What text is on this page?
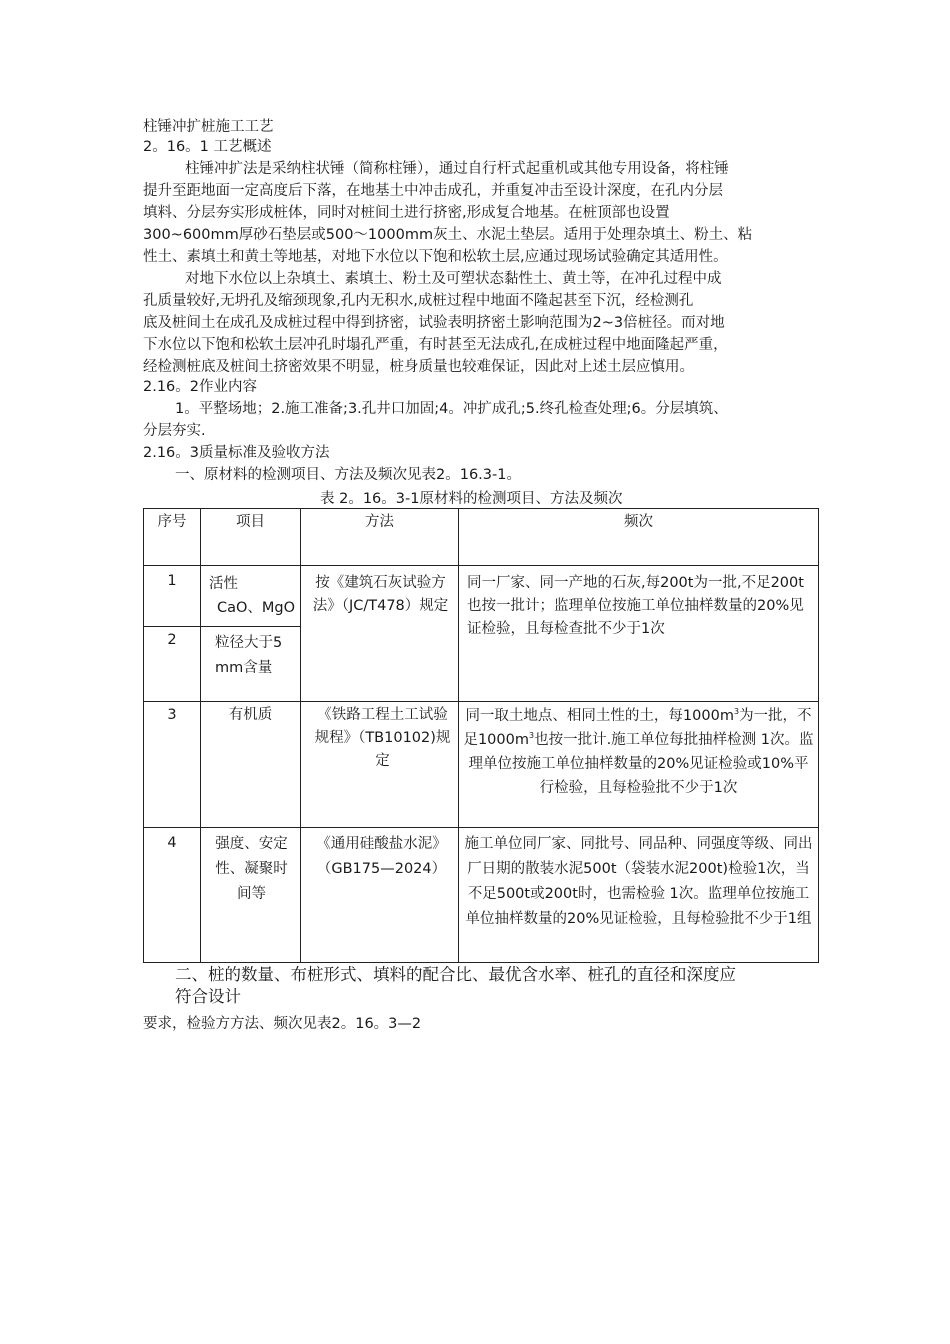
柱锤冲扩桩施工工艺
2。16。1 工艺概述
柱锤冲扩法是采纳柱状锤（简称柱锤），通过自行杆式起重机或其他专用设备，将柱锤
提升至距地面一定高度后下落，在地基土中冲击成孔，并重复冲击至设计深度，在孔内分层
填料、分层夯实形成桩体，同时对桩间土进行挤密,形成复合地基。在桩顶部也设置
300~600mm厚砂石垫层或500～1000mm灰土、水泥土垫层。适用于处理杂填土、粉土、粘
性土、素填土和黄土等地基，对地下水位以下饱和松软土层,应通过现场试验确定其适用性。
对地下水位以上杂填土、素填土、粉土及可塑状态黏性土、黄土等，在冲孔过程中成
孔质量较好,无坍孔及缩颈现象,孔内无积水,成桩过程中地面不隆起甚至下沉，经检测孔
底及桩间土在成孔及成桩过程中得到挤密，试验表明挤密土影响范围为2~3倍桩径。而对地
下水位以下饱和松软土层冲孔时塌孔严重，有时甚至无法成孔,在成桩过程中地面隆起严重，
经检测桩底及桩间土挤密效果不明显，桩身质量也较难保证，因此对上述土层应慎用。
2.16。2作业内容
1。平整场地；2.施工准备;3.孔井口加固;4。冲扩成孔;5.终孔检查处理;6。分层填筑、
分层夯实.
2.16。3质量标准及验收方法
一、原材料的检测项目、方法及频次见表2。16.3-1。
表 2。16。3-1原材料的检测项目、方法及频次
序号	项目	方法	频次
1	活性
CaO、MgO	按《建筑石灰试验方法》（JC/T478）规定	同一厂家、同一产地的石灰,每200t为一批,不足200t也按一批计；监理单位按施工单位抽样数量的20%见证检验，且每检查批不少于1次
2	粒径大于5mm含量		
3	有机质	《铁路工程土工试验规程》（TB10102)规定	同一取土地点、相同土性的土，每$1000m^3$为一批，不足$1000m^3$也按一批计.施工单位每批抽样检测 1次。监理单位按施工单位抽样数量的20%见证检验或10%平行检验，且每检验批不少于1次
4	强度、安定性、凝聚时间等	《通用硅酸盐水泥》（GB175—2024）	施工单位同厂家、同批号、同品种、同强度等级、同出厂日期的散装水泥500t（袋装水泥200t)检验1次，当不足500t或200t时，也需检验 1次。监理单位按施工单位抽样数量的20%见证检验，且每检验批不少于1组
二、桩的数量、布桩形式、填料的配合比、最优含水率、桩孔的直径和深度应
符合设计
要求，检验方方法、频次见表2。16。3—2
